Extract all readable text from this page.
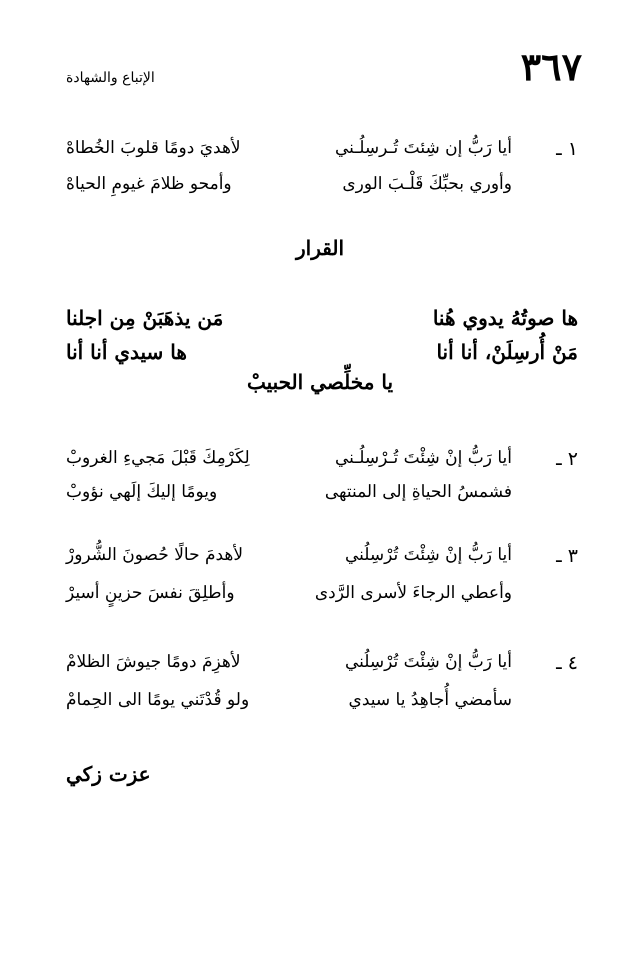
٣٦٧
الإتباع والشهادة
١ ـ
أيا رَبُّ إن شِئتَ تُـرسِلُـني
لأهديَ دومًا قلوبَ الخُطاهْ
وأوري بحبِّكَ قَلْـبَ الورى
وأمحو ظلامَ غيومِ الحياهْ
القرار
ها صوتُهُ يدوي هُنا
مَن يذهَبَنْ مِن اجلنا
مَنْ أُرسِلَنْ، أنا أنا
ها سيدي أنا أنا
يا مخلِّصي الحبيبْ
٢ ـ
أيا رَبُّ إنْ شِئْتَ تُـرْسِلُـني
لِكَرْمِكَ قَبْلَ مَجيءِ الغروبْ
فشمسُ الحياةِ إلى المنتهى
ويومًا إليكَ إلَهي نؤوبْ
٣ ـ
أيا رَبُّ إنْ شِئْتَ تُرْسِلُني
لأهدمَ حالًا حُصونَ الشُّرورْ
وأعطي الرجاءَ لأسرى الرَّدى
وأطلِقَ نفسَ حزينٍ أسيرْ
٤ ـ
أيا رَبُّ إنْ شِئْتَ تُرْسِلُني
لأهزِمَ دومًا جيوشَ الظلامْ
سأمضي أُجاهِدُ يا سيدي
ولو قُدْتَني يومًا الى الحِمامْ
عزت زكي
